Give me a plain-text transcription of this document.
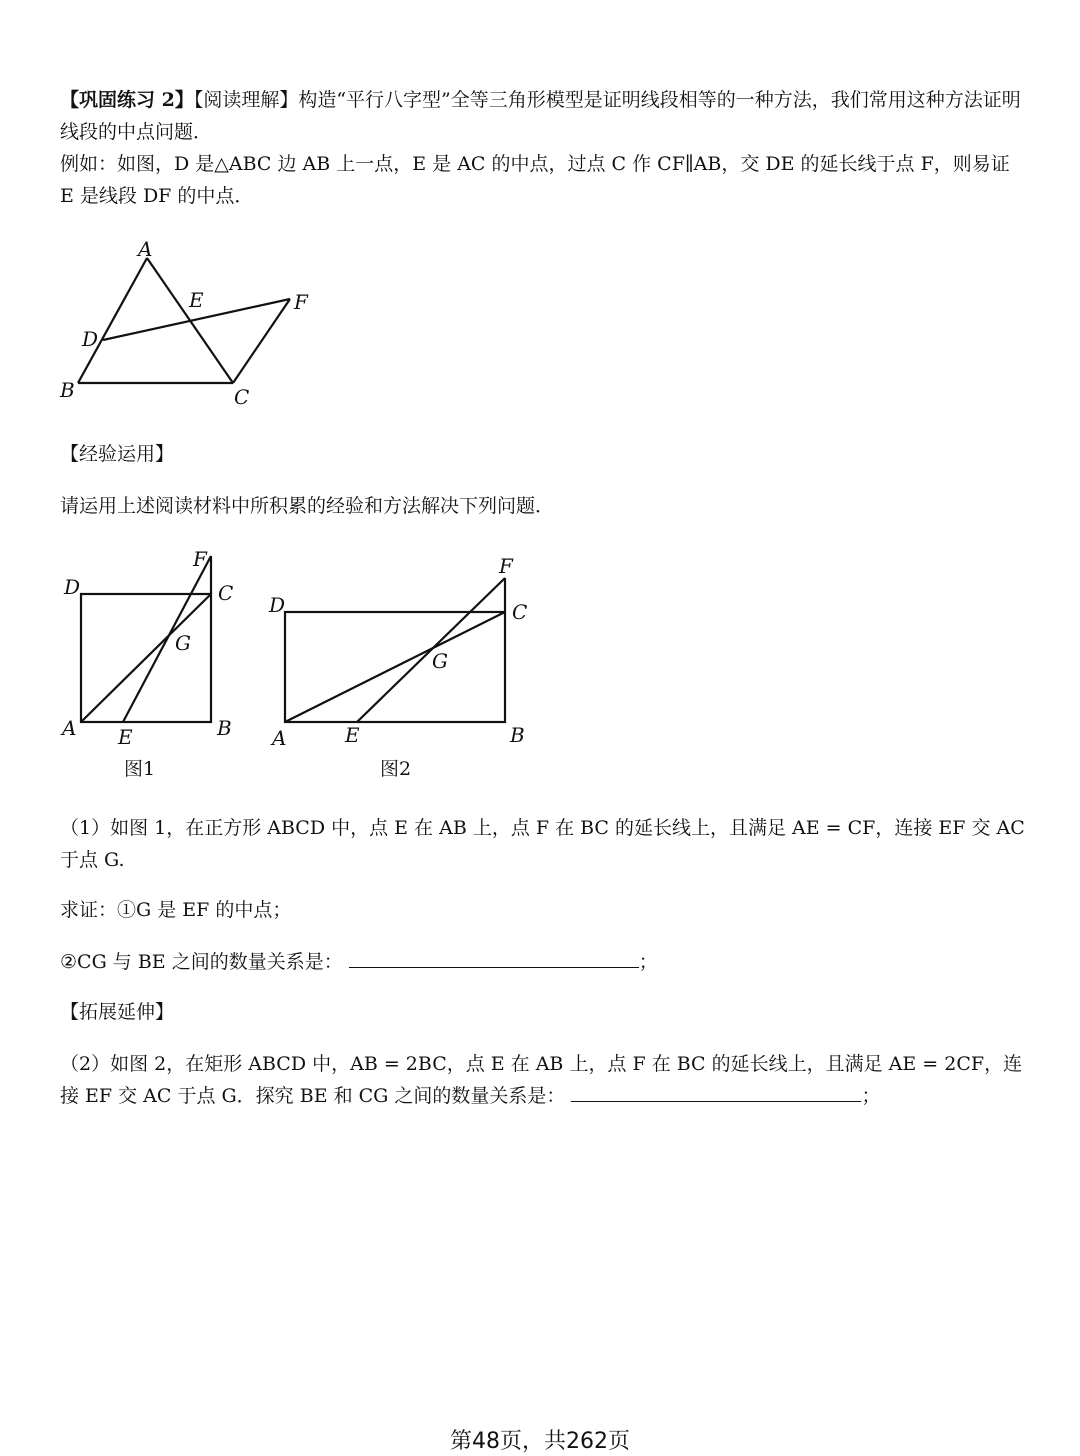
【巩固练习 2】【阅读理解】构造“平行八字型”全等三角形模型是证明线段相等的一种方法，我们常用这种方法证明线段的中点问题．

例如：如图，D 是△ABC 边 AB 上一点，E 是 AC 的中点，过点 C 作 CF∥AB，交 DE 的延长线于点 F，则易证 E 是线段 DF 的中点．

A
B	C
D
E	F

【经验运用】

请运用上述阅读材料中所积累的经验和方法解决下列问题．

A	B
C
D
E
F
G
图1
A	B
C
D
E
F
G
图2

（1）如图 1，在正方形 ABCD 中，点 E 在 AB 上，点 F 在 BC 的延长线上，且满足 AE = CF，连接 EF 交 AC 于点 G.

求证：①G 是 EF 的中点；

②CG 与 BE 之间的数量关系是：	；

【拓展延伸】

（2）如图 2，在矩形 ABCD 中，AB = 2BC，点 E 在 AB 上，点 F 在 BC 的延长线上，且满足 AE = 2CF，连接 EF 交 AC 于点 G．探究 BE 和 CG 之间的数量关系是：	；

第48页，共262页
